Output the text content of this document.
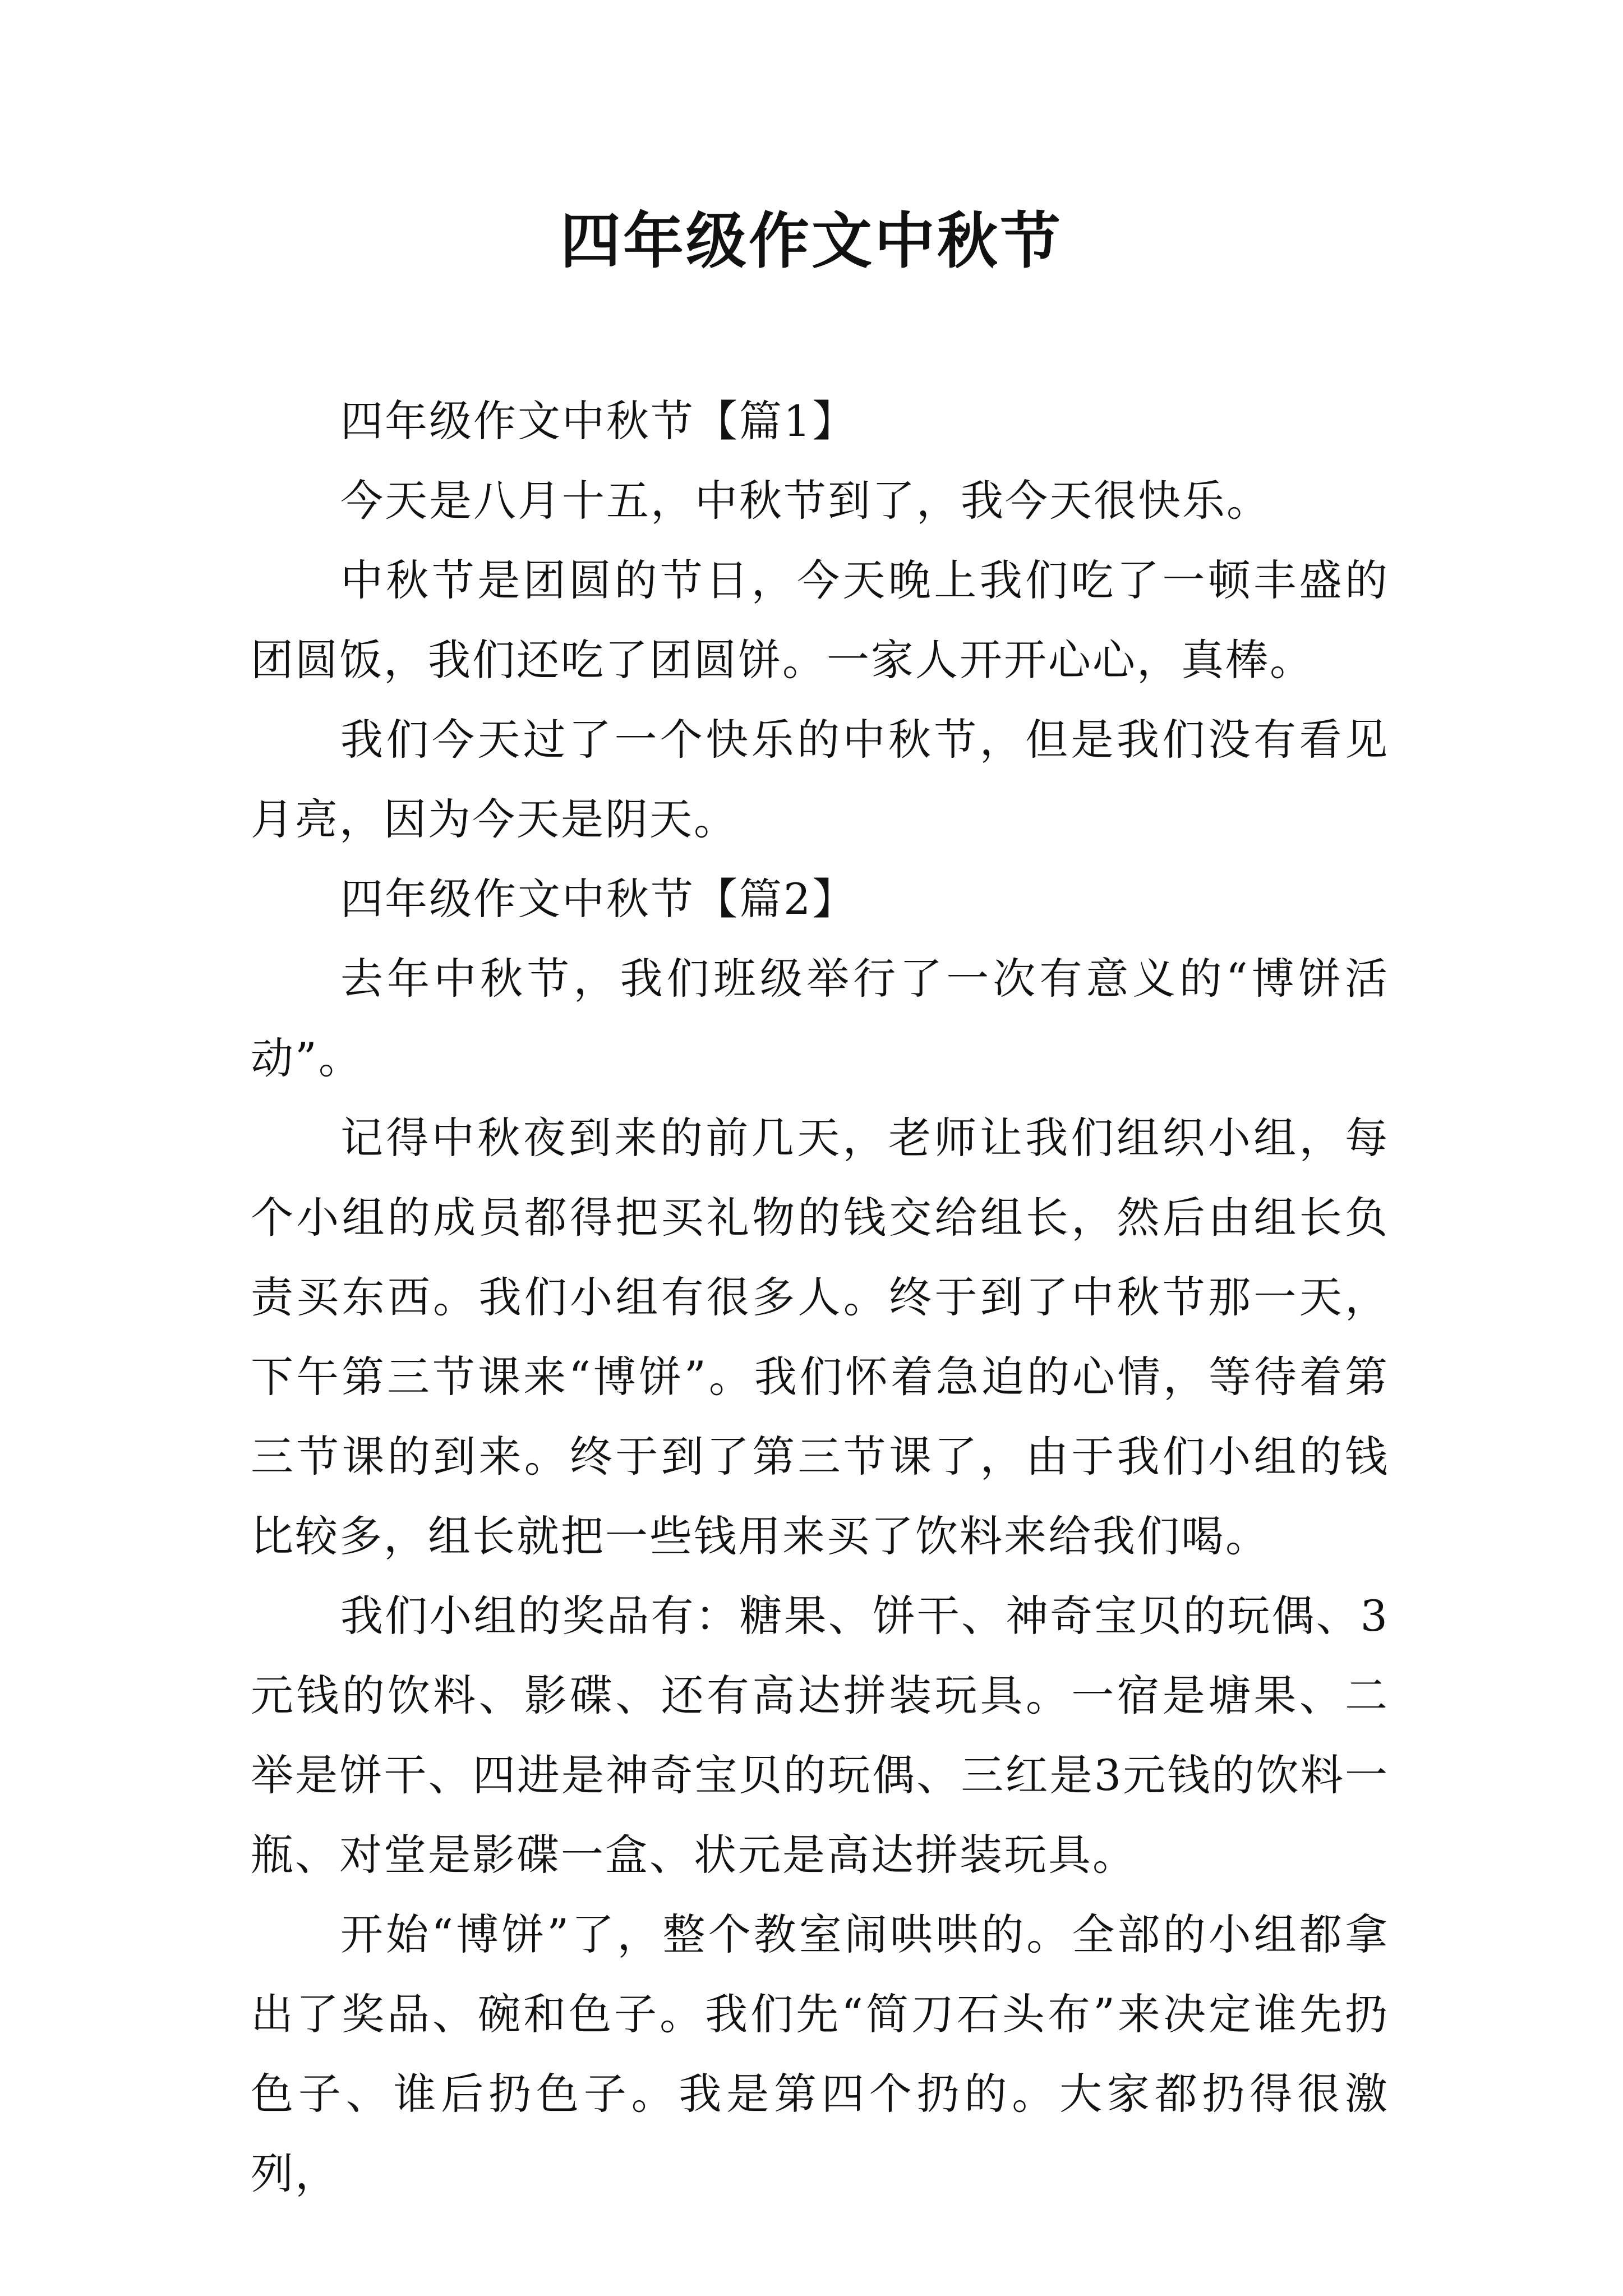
四年级作文中秋节

四年级作文中秋节【篇1】

今天是八月十五，中秋节到了，我今天很快乐。

中秋节是团圆的节日，今天晚上我们吃了一顿丰盛的团圆饭，我们还吃了团圆饼。一家人开开心心，真棒。

我们今天过了一个快乐的中秋节，但是我们没有看见月亮，因为今天是阴天。

四年级作文中秋节【篇2】

去年中秋节，我们班级举行了一次有意义的“博饼活动”。

记得中秋夜到来的前几天，老师让我们组织小组，每个小组的成员都得把买礼物的钱交给组长，然后由组长负责买东西。我们小组有很多人。终于到了中秋节那一天，下午第三节课来“博饼”。我们怀着急迫的心情，等待着第三节课的到来。终于到了第三节课了，由于我们小组的钱比较多，组长就把一些钱用来买了饮料来给我们喝。

我们小组的奖品有：糖果、饼干、神奇宝贝的玩偶、3元钱的饮料、影碟、还有高达拼装玩具。一宿是塘果、二举是饼干、四进是神奇宝贝的玩偶、三红是3元钱的饮料一瓶、对堂是影碟一盒、状元是高达拼装玩具。

开始“博饼”了，整个教室闹哄哄的。全部的小组都拿出了奖品、碗和色子。我们先“简刀石头布”来决定谁先扔色子、谁后扔色子。我是第四个扔的。大家都扔得很激列，
